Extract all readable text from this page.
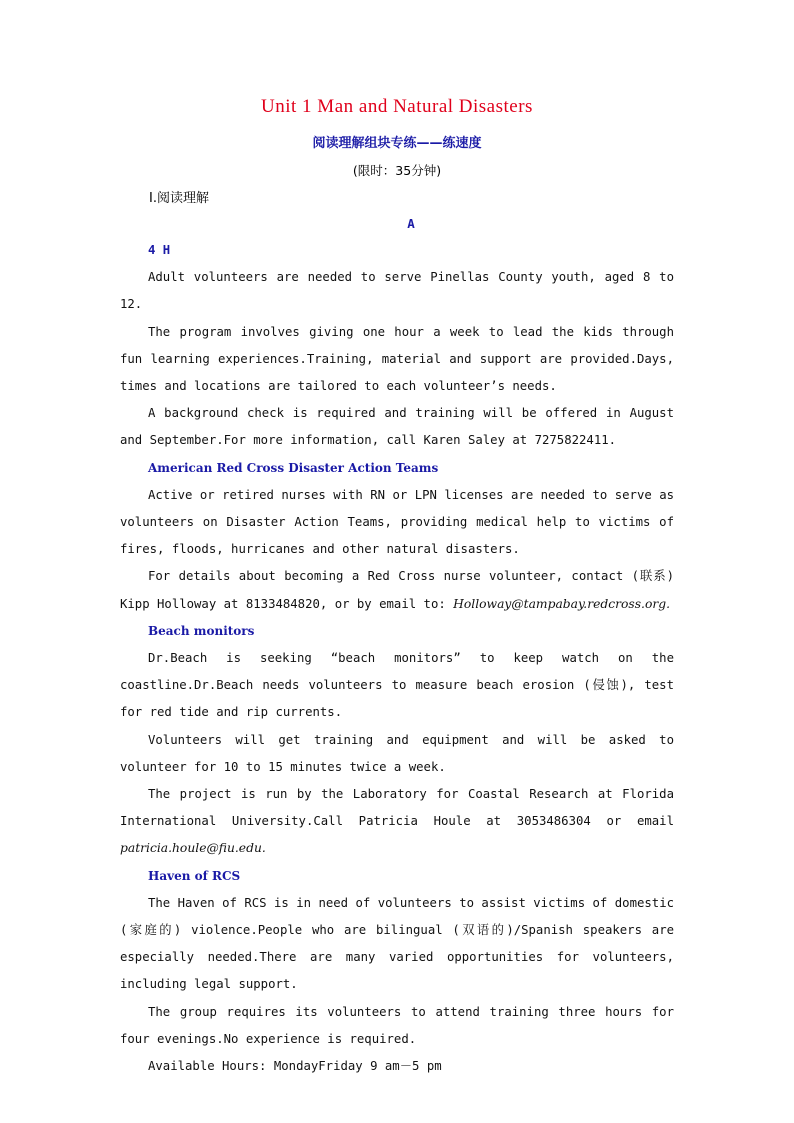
Unit 1 Man and Natural Disasters
阅读理解组块专练——练速度
(限时：35分钟)
Ⅰ.阅读理解
A
4 H

Adult volunteers are needed to serve Pinellas County youth, aged 8 to 12.

The program involves giving one hour a week to lead the kids through fun learning experiences.Training, material and support are provided.Days, times and locations are tailored to each volunteer’s needs.

A background check is required and training will be offered in August and September.For more information, call Karen Saley at 7275822411.

American Red Cross Disaster Action Teams

Active or retired nurses with RN or LPN licenses are needed to serve as volunteers on Disaster Action Teams, providing medical help to victims of fires, floods, hurricanes and other natural disasters.

For details about becoming a Red Cross nurse volunteer, contact (联系) Kipp Holloway at 8133484820, or by email to: Holloway@tampabay.redcross.org.

Beach monitors

Dr.Beach is seeking “beach monitors” to keep watch on the coastline.Dr.Beach needs volunteers to measure beach erosion (侵蚀), test for red tide and rip currents.

Volunteers will get training and equipment and will be asked to volunteer for 10 to 15 minutes twice a week.

The project is run by the Laboratory for Coastal Research at Florida International University.Call Patricia Houle at 3053486304 or email patricia.houle@fiu.edu.

Haven of RCS

The Haven of RCS is in need of volunteers to assist victims of domestic (家庭的) violence.People who are bilingual (双语的)/Spanish speakers are especially needed.There are many varied opportunities for volunteers, including legal support.

The group requires its volunteers to attend training three hours for four evenings.No experience is required.

Available Hours: MondayFriday 9 am－5 pm
